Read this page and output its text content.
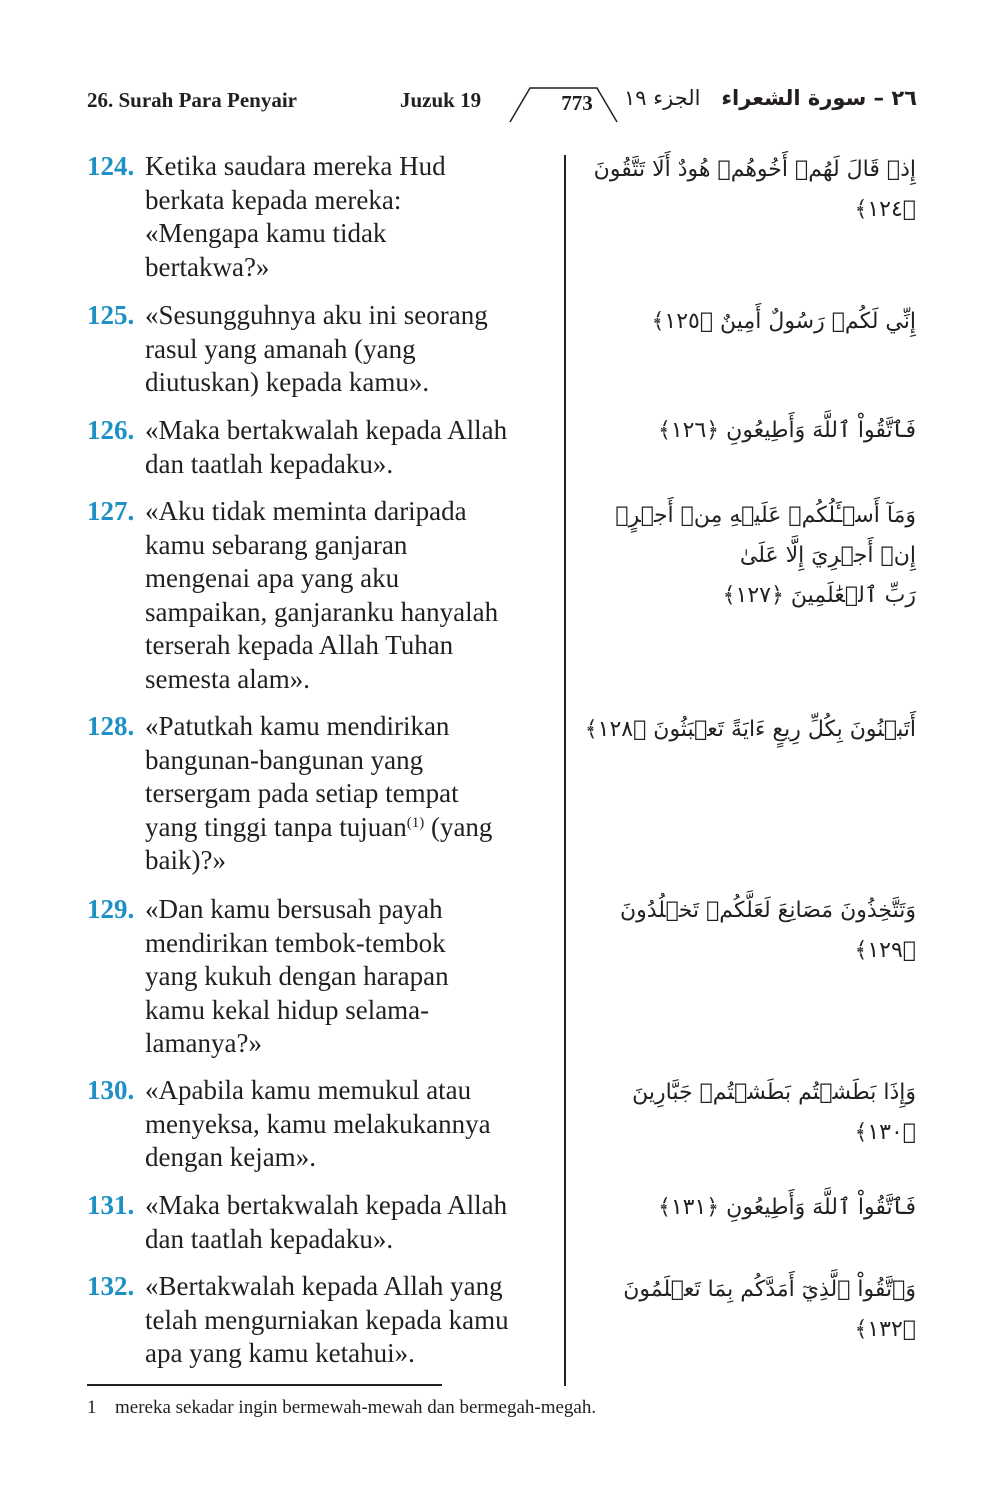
26. Surah Para Penyair	Juzuk 19	773	الجزء ١٩ ٢٦ – سورة الشعراء
124. Ketika saudara mereka Hud
berkata kepada mereka:
«Mengapa kamu tidak
bertakwa?»
إِذۡ قَالَ لَهُمۡ أَخُوهُمۡ هُودٌ أَلَا تَتَّقُونَ ﴿١٢٤﴾
125. «Sesungguhnya aku ini seorang
rasul yang amanah (yang
diutuskan) kepada kamu».
إِنِّي لَكُمۡ رَسُولٌ أَمِينٌ ﴿١٢٥﴾
126. «Maka bertakwalah kepada Allah
dan taatlah kepadaku».
فَٱتَّقُواْ ٱللَّهَ وَأَطِيعُونِ ﴿١٢٦﴾
127. «Aku tidak meminta daripada
kamu sebarang ganjaran
mengenai apa yang aku
sampaikan, ganjaranku hanyalah
terserah kepada Allah Tuhan
semesta alam».
وَمَآ أَسۡـَٔلُكُمۡ عَلَيۡهِ مِنۡ أَجۡرٍۖ إِنۡ أَجۡرِيَ إِلَّا عَلَىٰ
رَبِّ ٱلۡعَٰلَمِينَ ﴿١٢٧﴾
128. «Patutkah kamu mendirikan
bangunan-bangunan yang
tersergam pada setiap tempat
yang tinggi tanpa tujuan$^{(1)}$ (yang
baik)?»
أَتَبۡنُونَ بِكُلِّ رِيعٍ ءَايَةً تَعۡبَثُونَ ﴿١٢٨﴾
129. «Dan kamu bersusah payah
mendirikan tembok-tembok
yang kukuh dengan harapan
kamu kekal hidup selama-
lamanya?»
وَتَتَّخِذُونَ مَصَانِعَ لَعَلَّكُمۡ تَخۡلُدُونَ ﴿١٢٩﴾
130. «Apabila kamu memukul atau
menyeksa, kamu melakukannya
dengan kejam».
وَإِذَا بَطَشۡتُم بَطَشۡتُمۡ جَبَّارِينَ ﴿١٣٠﴾
131. «Maka bertakwalah kepada Allah
dan taatlah kepadaku».
فَٱتَّقُواْ ٱللَّهَ وَأَطِيعُونِ ﴿١٣١﴾
132. «Bertakwalah kepada Allah yang
telah mengurniakan kepada kamu
apa yang kamu ketahui».
وَٱتَّقُواْ ٱلَّذِيٓ أَمَدَّكُم بِمَا تَعۡلَمُونَ ﴿١٣٢﴾
1 mereka sekadar ingin bermewah-mewah dan bermegah-megah.
